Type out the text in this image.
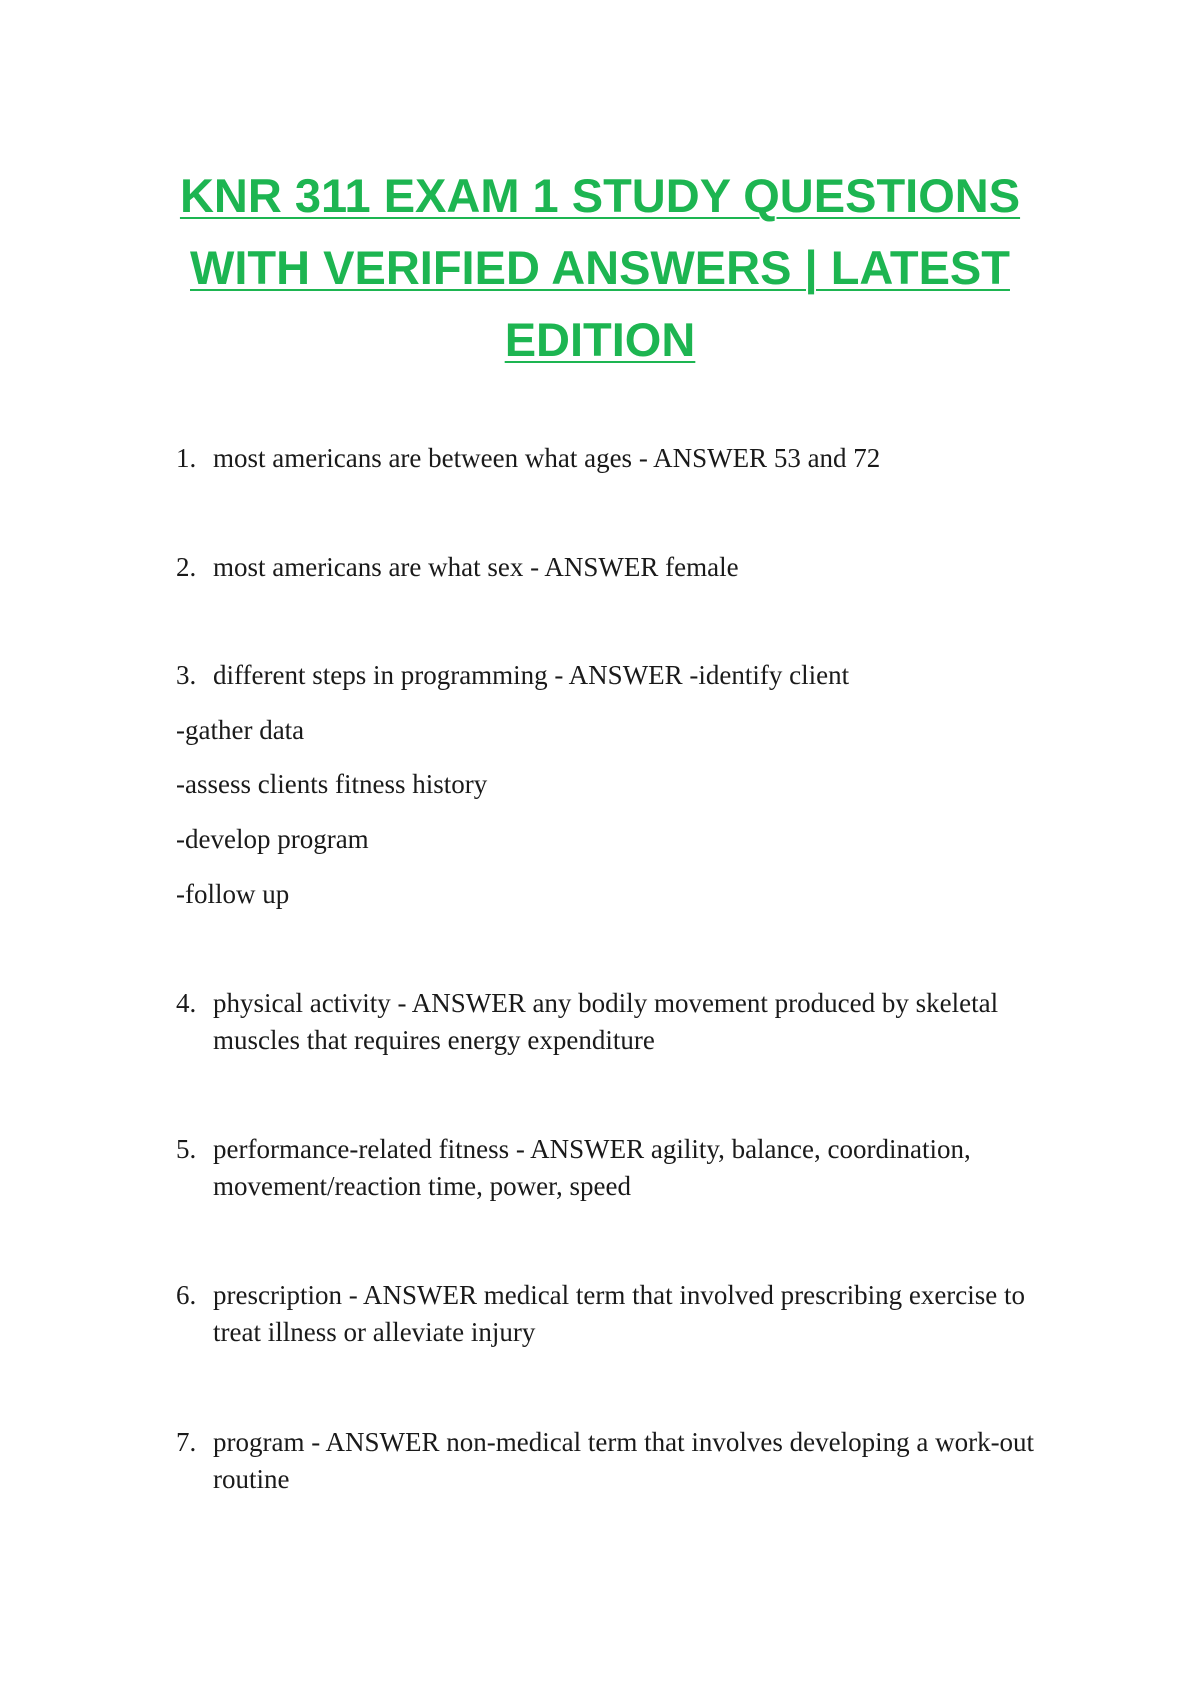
KNR 311 EXAM 1 STUDY QUESTIONS
WITH VERIFIED ANSWERS | LATEST
EDITION
1. most americans are between what ages - ANSWER 53 and 72
2. most americans are what sex - ANSWER female
3. different steps in programming - ANSWER -identify client
-gather data
-assess clients fitness history
-develop program
-follow up
4. physical activity - ANSWER any bodily movement produced by skeletal muscles that requires energy expenditure
5. performance-related fitness - ANSWER agility, balance, coordination, movement/reaction time, power, speed
6. prescription - ANSWER medical term that involved prescribing exercise to treat illness or alleviate injury
7. program - ANSWER non-medical term that involves developing a work-out routine
